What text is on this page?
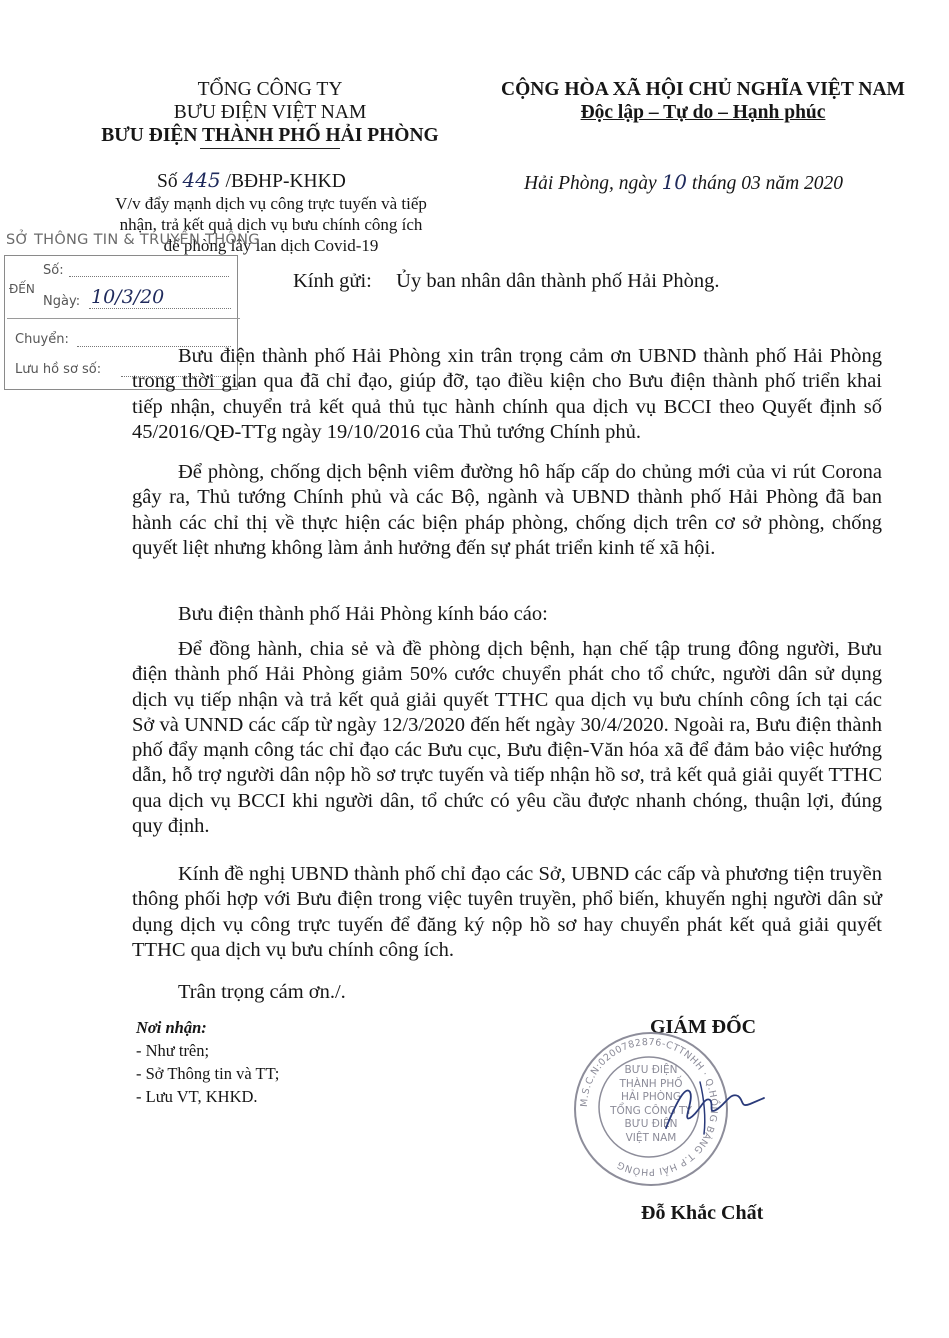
TỔNG CÔNG TY
BƯU ĐIỆN VIỆT NAM
BƯU ĐIỆN THÀNH PHỐ HẢI PHÒNG
CỘNG HÒA XÃ HỘI CHỦ NGHĨA VIỆT NAM
Độc lập – Tự do – Hạnh phúc
Số 445 /BĐHP-KHKD
V/v đẩy mạnh dịch vụ công trực tuyến và tiếp
nhận, trả kết quả dịch vụ bưu chính công ích
để phòng lây lan dịch Covid-19
Hải Phòng, ngày 10 tháng 03 năm 2020
SỞ THÔNG TIN & TRUYỀN THÔNG
ĐẾN
Số:
Ngày: 10/3/20
Chuyển:
Lưu hồ sơ số:
Kính gửi: Ủy ban nhân dân thành phố Hải Phòng.
Bưu điện thành phố Hải Phòng xin trân trọng cảm ơn UBND thành phố Hải Phòng trong thời gian qua đã chỉ đạo, giúp đỡ, tạo điều kiện cho Bưu điện thành phố triển khai tiếp nhận, chuyển trả kết quả thủ tục hành chính qua dịch vụ BCCI theo Quyết định số 45/2016/QĐ-TTg ngày 19/10/2016 của Thủ tướng Chính phủ.
Để phòng, chống dịch bệnh viêm đường hô hấp cấp do chủng mới của vi rút Corona gây ra, Thủ tướng Chính phủ và các Bộ, ngành và UBND thành phố Hải Phòng đã ban hành các chỉ thị về thực hiện các biện pháp phòng, chống dịch trên cơ sở phòng, chống quyết liệt nhưng không làm ảnh hưởng đến sự phát triển kinh tế xã hội.
Bưu điện thành phố Hải Phòng kính báo cáo:
Để đồng hành, chia sẻ và đề phòng dịch bệnh, hạn chế tập trung đông người, Bưu điện thành phố Hải Phòng giảm 50% cước chuyển phát cho tổ chức, người dân sử dụng dịch vụ tiếp nhận và trả kết quả giải quyết TTHC qua dịch vụ bưu chính công ích tại các Sở và UNND các cấp từ ngày 12/3/2020 đến hết ngày 30/4/2020. Ngoài ra, Bưu điện thành phố đẩy mạnh công tác chỉ đạo các Bưu cục, Bưu điện-Văn hóa xã để đảm bảo việc hướng dẫn, hỗ trợ người dân nộp hồ sơ trực tuyến và tiếp nhận hồ sơ, trả kết quả giải quyết TTHC qua dịch vụ BCCI khi người dân, tổ chức có yêu cầu được nhanh chóng, thuận lợi, đúng quy định.
Kính đề nghị UBND thành phố chỉ đạo các Sở, UBND các cấp và phương tiện truyền thông phối hợp với Bưu điện trong việc tuyên truyền, phổ biến, khuyến nghị người dân sử dụng dịch vụ công trực tuyến để đăng ký nộp hồ sơ hay chuyển phát kết quả giải quyết TTHC qua dịch vụ bưu chính công ích.
Trân trọng cám ơn./.
Nơi nhận:
- Như trên;
- Sở Thông tin và TT;
- Lưu VT, KHKD.
GIÁM ĐỐC
M.S.C.N:0200782876-CTTNHH · Q.HỒNG BÀNG T.P HẢI PHÒNG
BƯU ĐIỆN
THÀNH PHỐ
HẢI PHÒNG
TỔNG CÔNG TY
BƯU ĐIỆN
VIỆT NAM
Đỗ Khắc Chất
